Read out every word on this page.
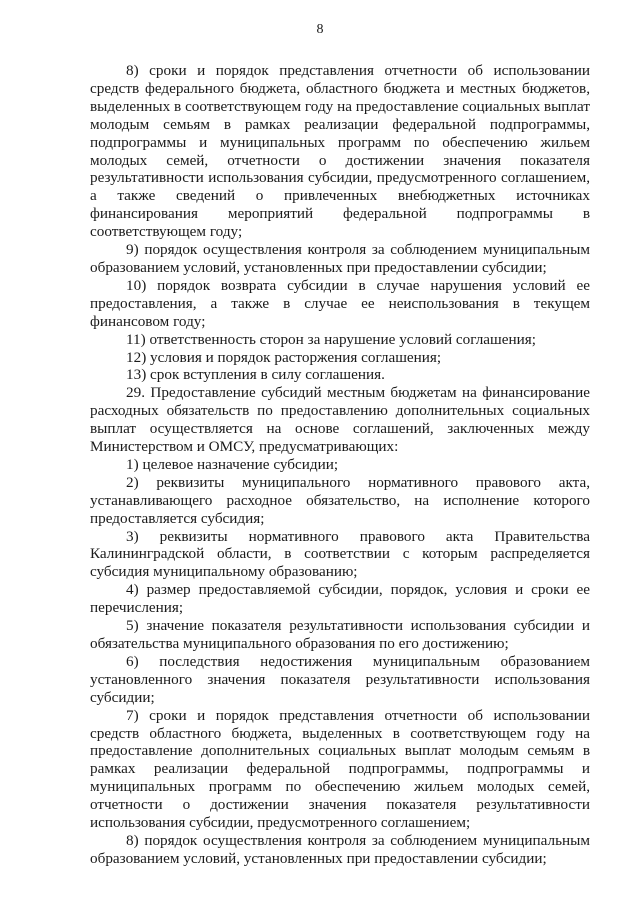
8

8) сроки и порядок представления отчетности об использовании средств федерального бюджета, областного бюджета и местных бюджетов, выделенных в соответствующем году на предоставление социальных выплат молодым семьям в рамках реализации федеральной подпрограммы, подпрограммы и муниципальных программ по обеспечению жильем молодых семей, отчетности о достижении значения показателя результативности использования субсидии, предусмотренного соглашением, а также сведений о привлеченных внебюджетных источниках финансирования мероприятий федеральной подпрограммы в соответствующем году;

9) порядок осуществления контроля за соблюдением муниципальным образованием условий, установленных при предоставлении субсидии;

10) порядок возврата субсидии в случае нарушения условий ее предоставления, а также в случае ее неиспользования в текущем финансовом году;

11) ответственность сторон за нарушение условий соглашения;

12) условия и порядок расторжения соглашения;

13) срок вступления в силу соглашения.

29. Предоставление субсидий местным бюджетам на финансирование расходных обязательств по предоставлению дополнительных социальных выплат осуществляется на основе соглашений, заключенных между Министерством и ОМСУ, предусматривающих:

1) целевое назначение субсидии;

2) реквизиты муниципального нормативного правового акта, устанавливающего расходное обязательство, на исполнение которого предоставляется субсидия;

3) реквизиты нормативного правового акта Правительства Калининградской области, в соответствии с которым распределяется субсидия муниципальному образованию;

4) размер предоставляемой субсидии, порядок, условия и сроки ее перечисления;

5) значение показателя результативности использования субсидии и обязательства муниципального образования по его достижению;

6) последствия недостижения муниципальным образованием установленного значения показателя результативности использования субсидии;

7) сроки и порядок представления отчетности об использовании средств областного бюджета, выделенных в соответствующем году на предоставление дополнительных социальных выплат молодым семьям в рамках реализации федеральной подпрограммы, подпрограммы и муниципальных программ по обеспечению жильем молодых семей, отчетности о достижении значения показателя результативности использования субсидии, предусмотренного соглашением;

8) порядок осуществления контроля за соблюдением муниципальным образованием условий, установленных при предоставлении субсидии;
